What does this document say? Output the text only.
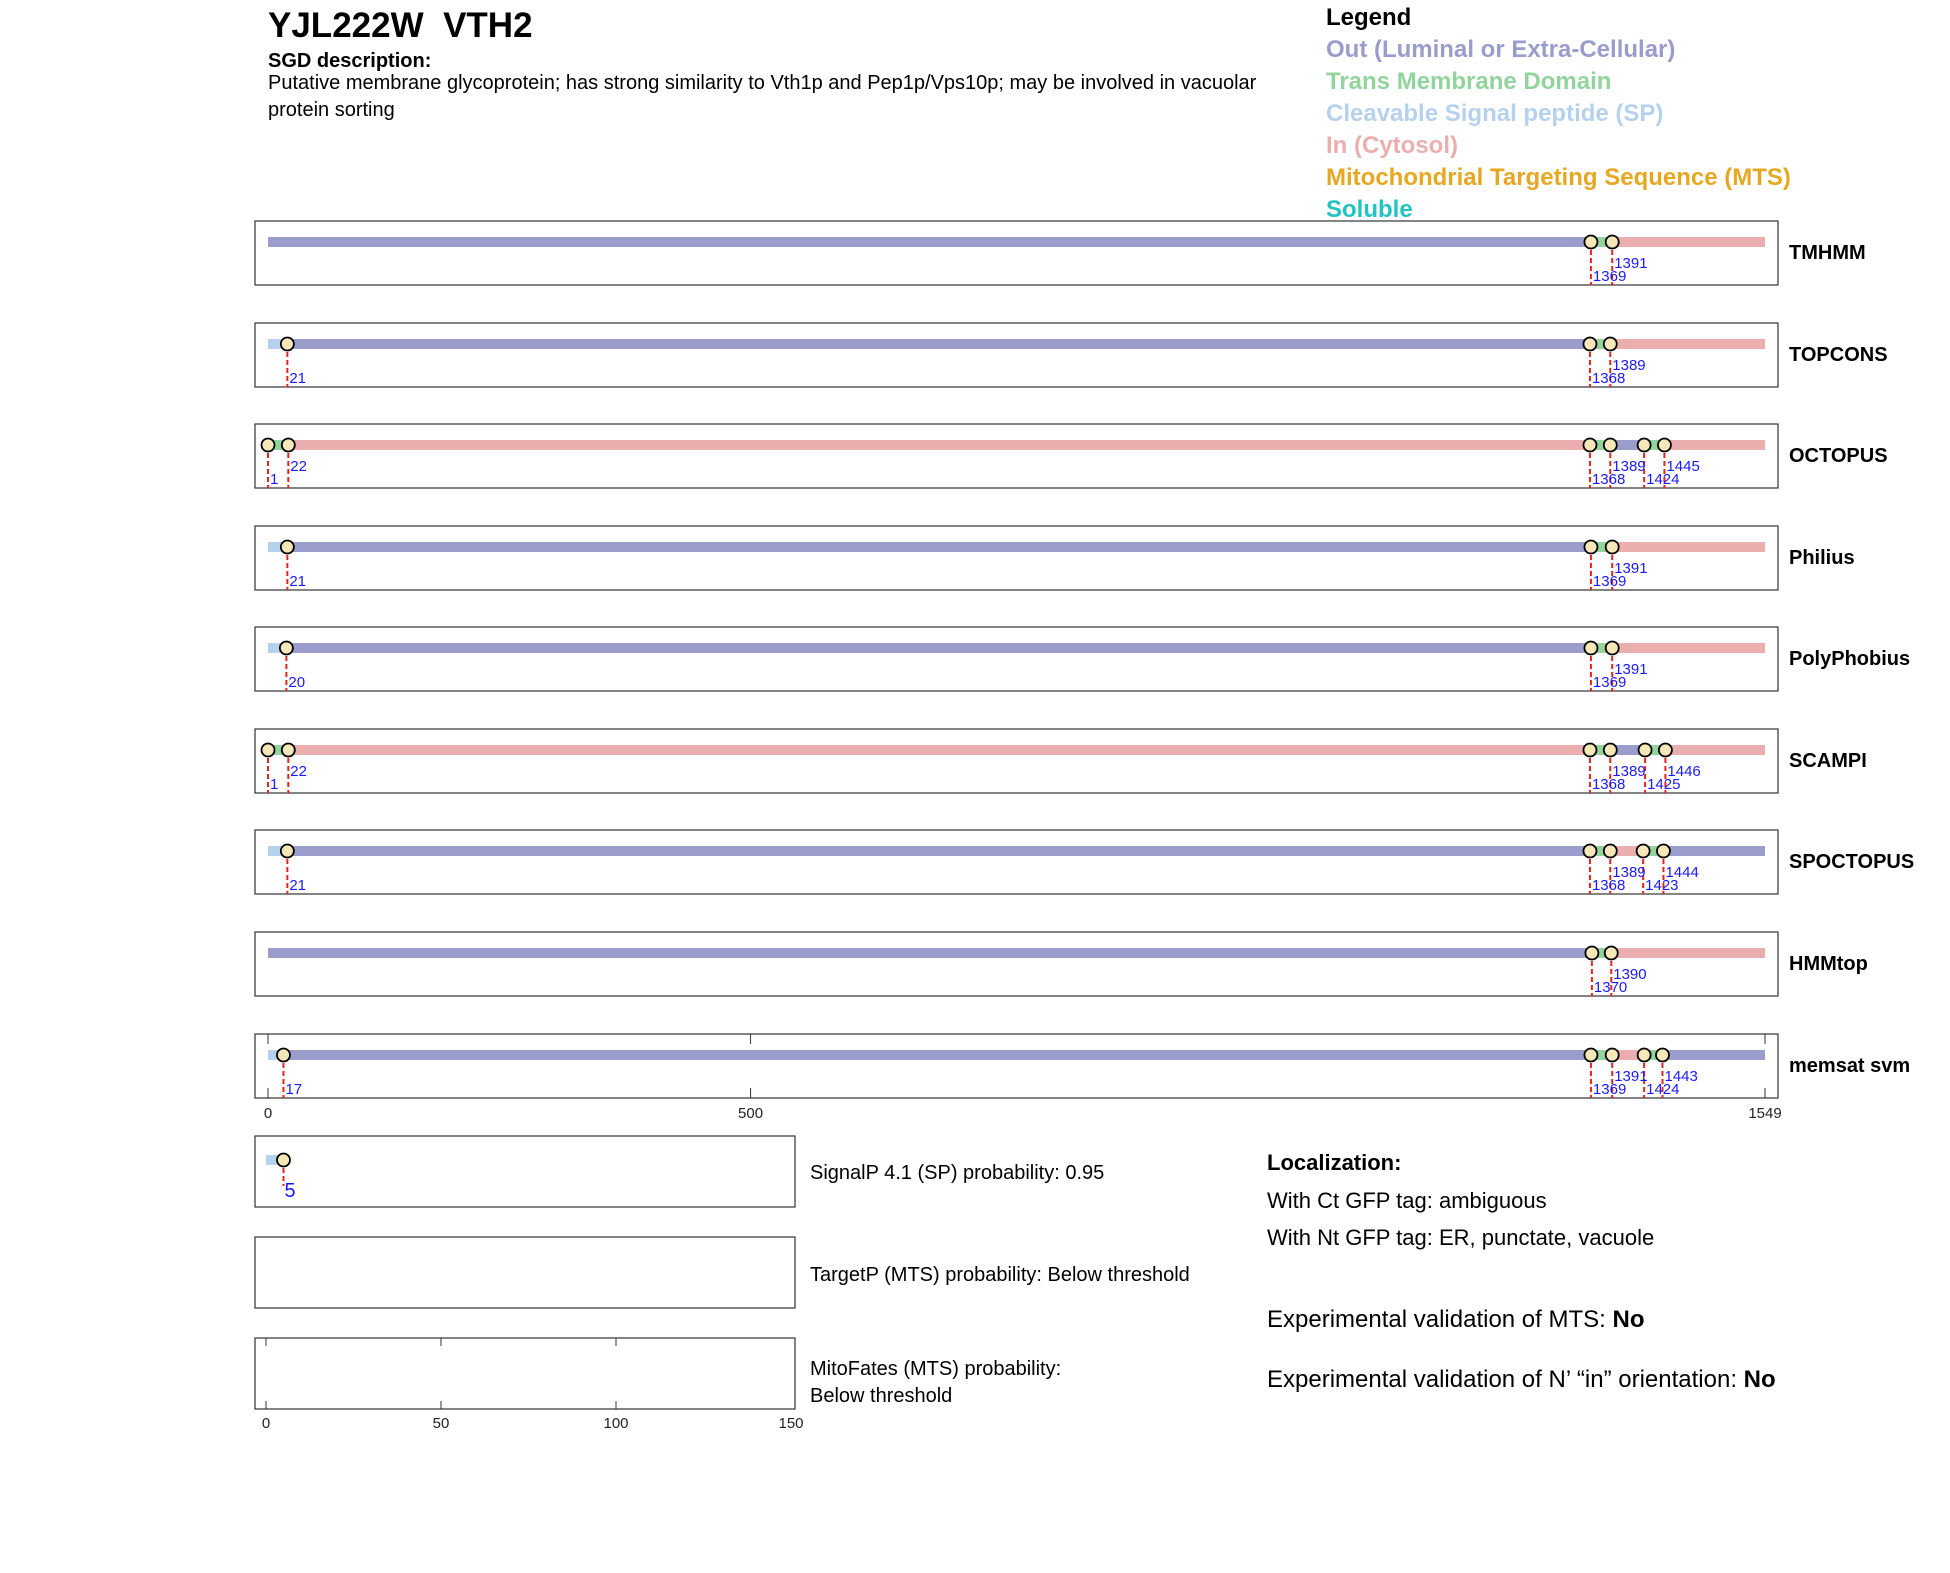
YJL222W VTH2
SGD description:
Putative membrane glycoprotein; has strong similarity to Vth1p and Pep1p/Vps10p; may be involved in vacuolar protein sorting
Legend
Out (Luminal or Extra-Cellular)
Trans Membrane Domain
Cleavable Signal peptide (SP)
In (Cytosol)
Mitochondrial Targeting Sequence (MTS)
Soluble
1391
1369
TMHMM
21
1389
1368
TOPCONS
1
22	1389
1368
1445
1424
OCTOPUS
21
1391
1369
Philius
20
1391
1369
PolyPhobius
1
22	1389
1368
1446
1425
SCAMPI
21
1389
1368
1444
1423
SPOCTOPUS
1390
1370
HMMtop
17
1391
1369
1443
1424
memsat svm
0	500	1549
5
0	50	100	150
SignalP 4.1 (SP) probability: 0.95
TargetP (MTS) probability: Below threshold
MitoFates (MTS) probability: Below threshold
Localization:
With Ct GFP tag: ambiguous
With Nt GFP tag: ER, punctate, vacuole
Experimental validation of MTS: No
Experimental validation of N’ “in” orientation: No
